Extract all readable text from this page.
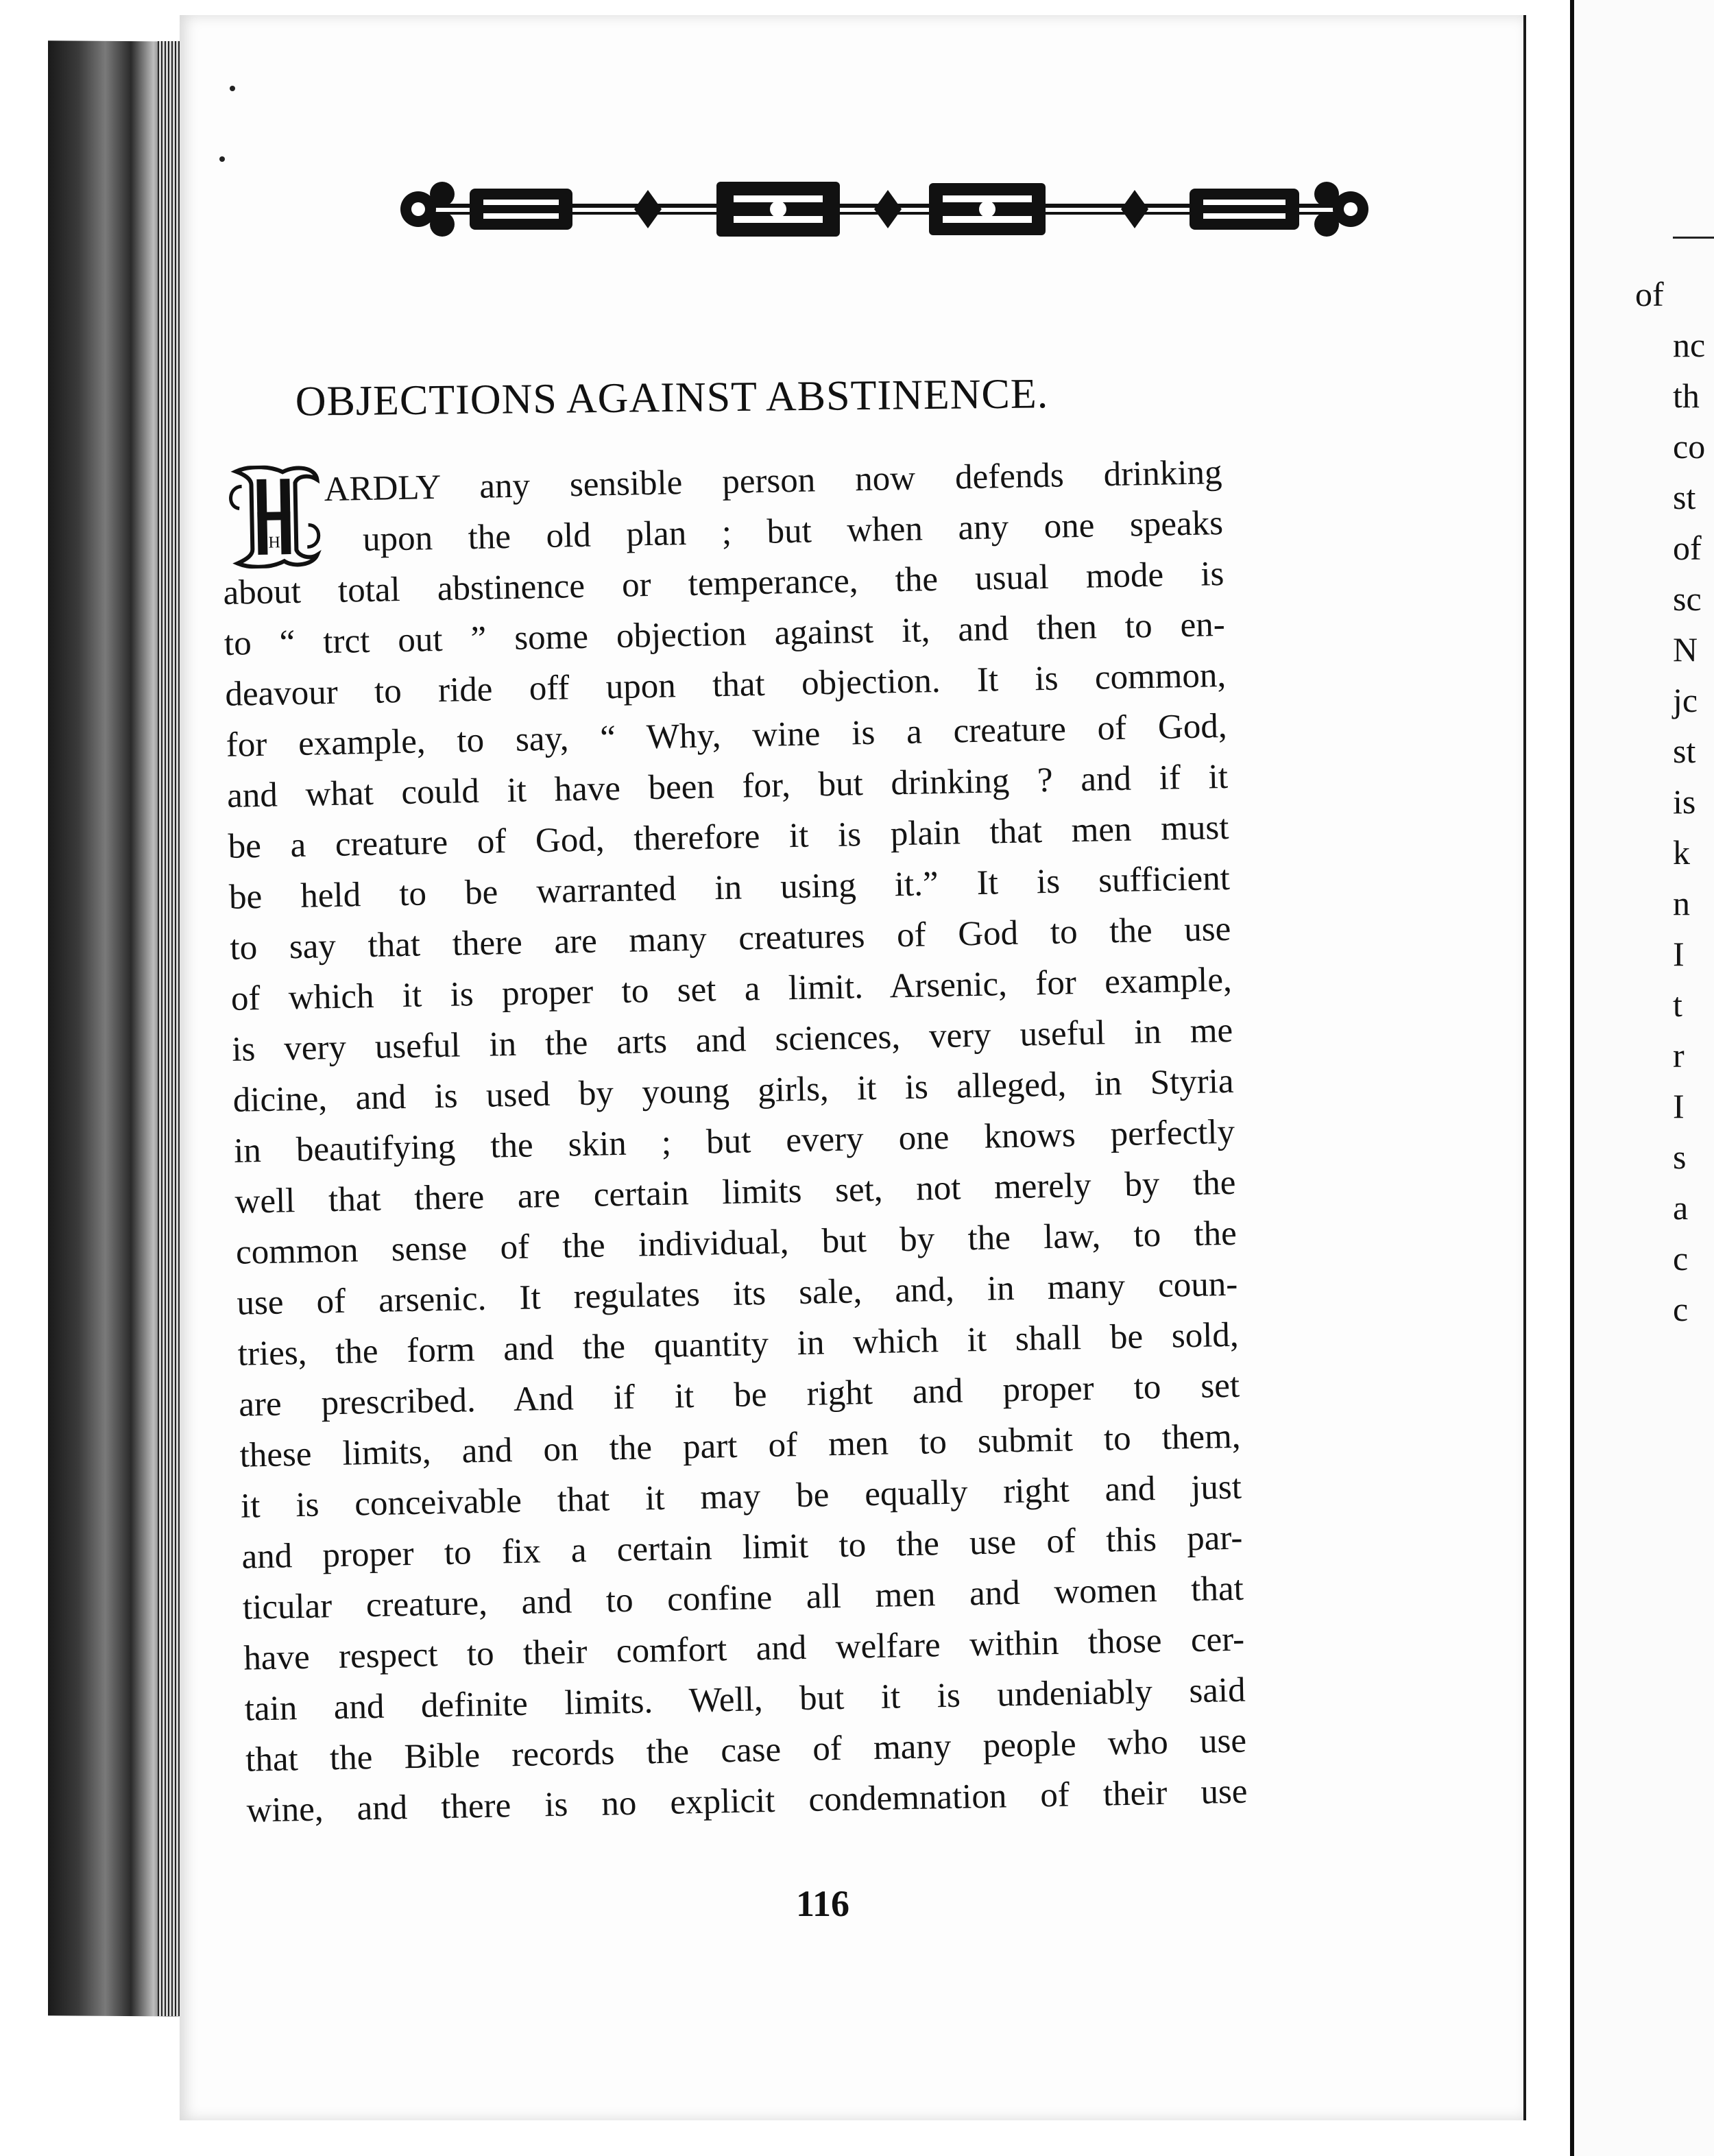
OBJECTIONS AGAINST ABSTINENCE.
H
ARDLY any sensible person now defends drinking
upon the old plan ; but when any one speaks
about total abstinence or temperance, the usual mode is
to “ trct out ” some objection against it, and then to en-
deavour to ride off upon that objection. It is common,
for example, to say, “ Why, wine is a creature of God,
and what could it have been for, but drinking ? and if it
be a creature of God, therefore it is plain that men must
be held to be warranted in using it.” It is sufficient
to say that there are many creatures of God to the use
of which it is proper to set a limit. Arsenic, for example,
is very useful in the arts and sciences, very useful in me
dicine, and is used by young girls, it is alleged, in Styria
in beautifying the skin ; but every one knows perfectly
well that there are certain limits set, not merely by the
common sense of the individual, but by the law, to the
use of arsenic. It regulates its sale, and, in many coun-
tries, the form and the quantity in which it shall be sold,
are prescribed. And if it be right and proper to set
these limits, and on the part of men to submit to them,
it is conceivable that it may be equally right and just
and proper to fix a certain limit to the use of this par-
ticular creature, and to confine all men and women that
have respect to their comfort and welfare within those cer-
tain and definite limits. Well, but it is undeniably said
that the Bible records the case of many people who use
wine, and there is no explicit condemnation of their use
116
of
nc
th
co
st
of
sc
N
jc
st
is
k
n
I
t
r
I
s
a
c
c
